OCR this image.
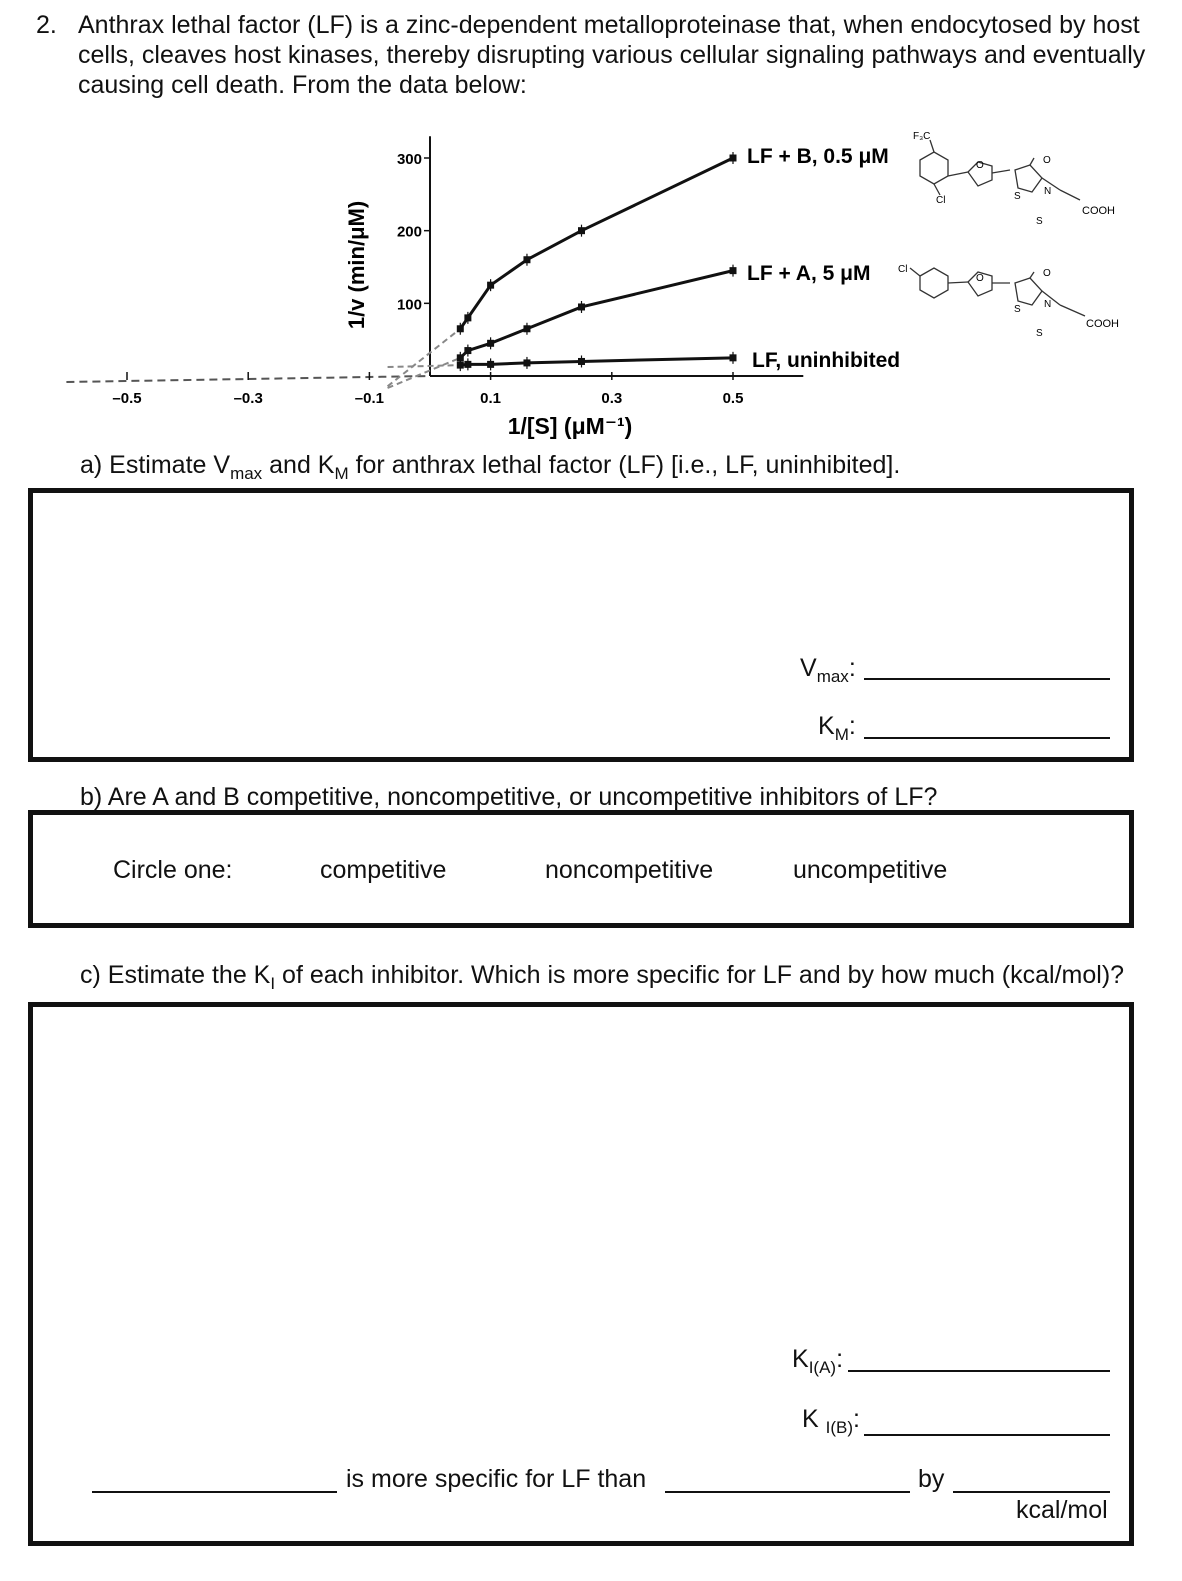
2. Anthrax lethal factor (LF) is a zinc-dependent metalloproteinase that, when endocytosed by host cells, cleaves host kinases, thereby disrupting various cellular signaling pathways and eventually causing cell death. From the data below:
–0.5	–0.3	–0.1	0.1	0.3	0.5
100
200
300
1/v (min/μM)
1/[S] (μM⁻¹)
LF + B, 0.5 μM
LF + A, 5 μM
LF, uninhibited
F₃C
Cl
O	O
S N
S
COOH
Cl
O	O
S N
S
COOH
a) Estimate $V_{max}$ and $K_M$ for anthrax lethal factor (LF) [i.e., LF, uninhibited].
$V_{max}$:
$K_M$:
b) Are A and B competitive, noncompetitive, or uncompetitive inhibitors of LF?
Circle one:	competitive	noncompetitive	uncompetitive
c) Estimate the $K_I$ of each inhibitor. Which is more specific for LF and by how much (kcal/mol)?
$K_{I(A)}$:
K $_{I(B)}$:
is more specific for LF than	by
kcal/mol
